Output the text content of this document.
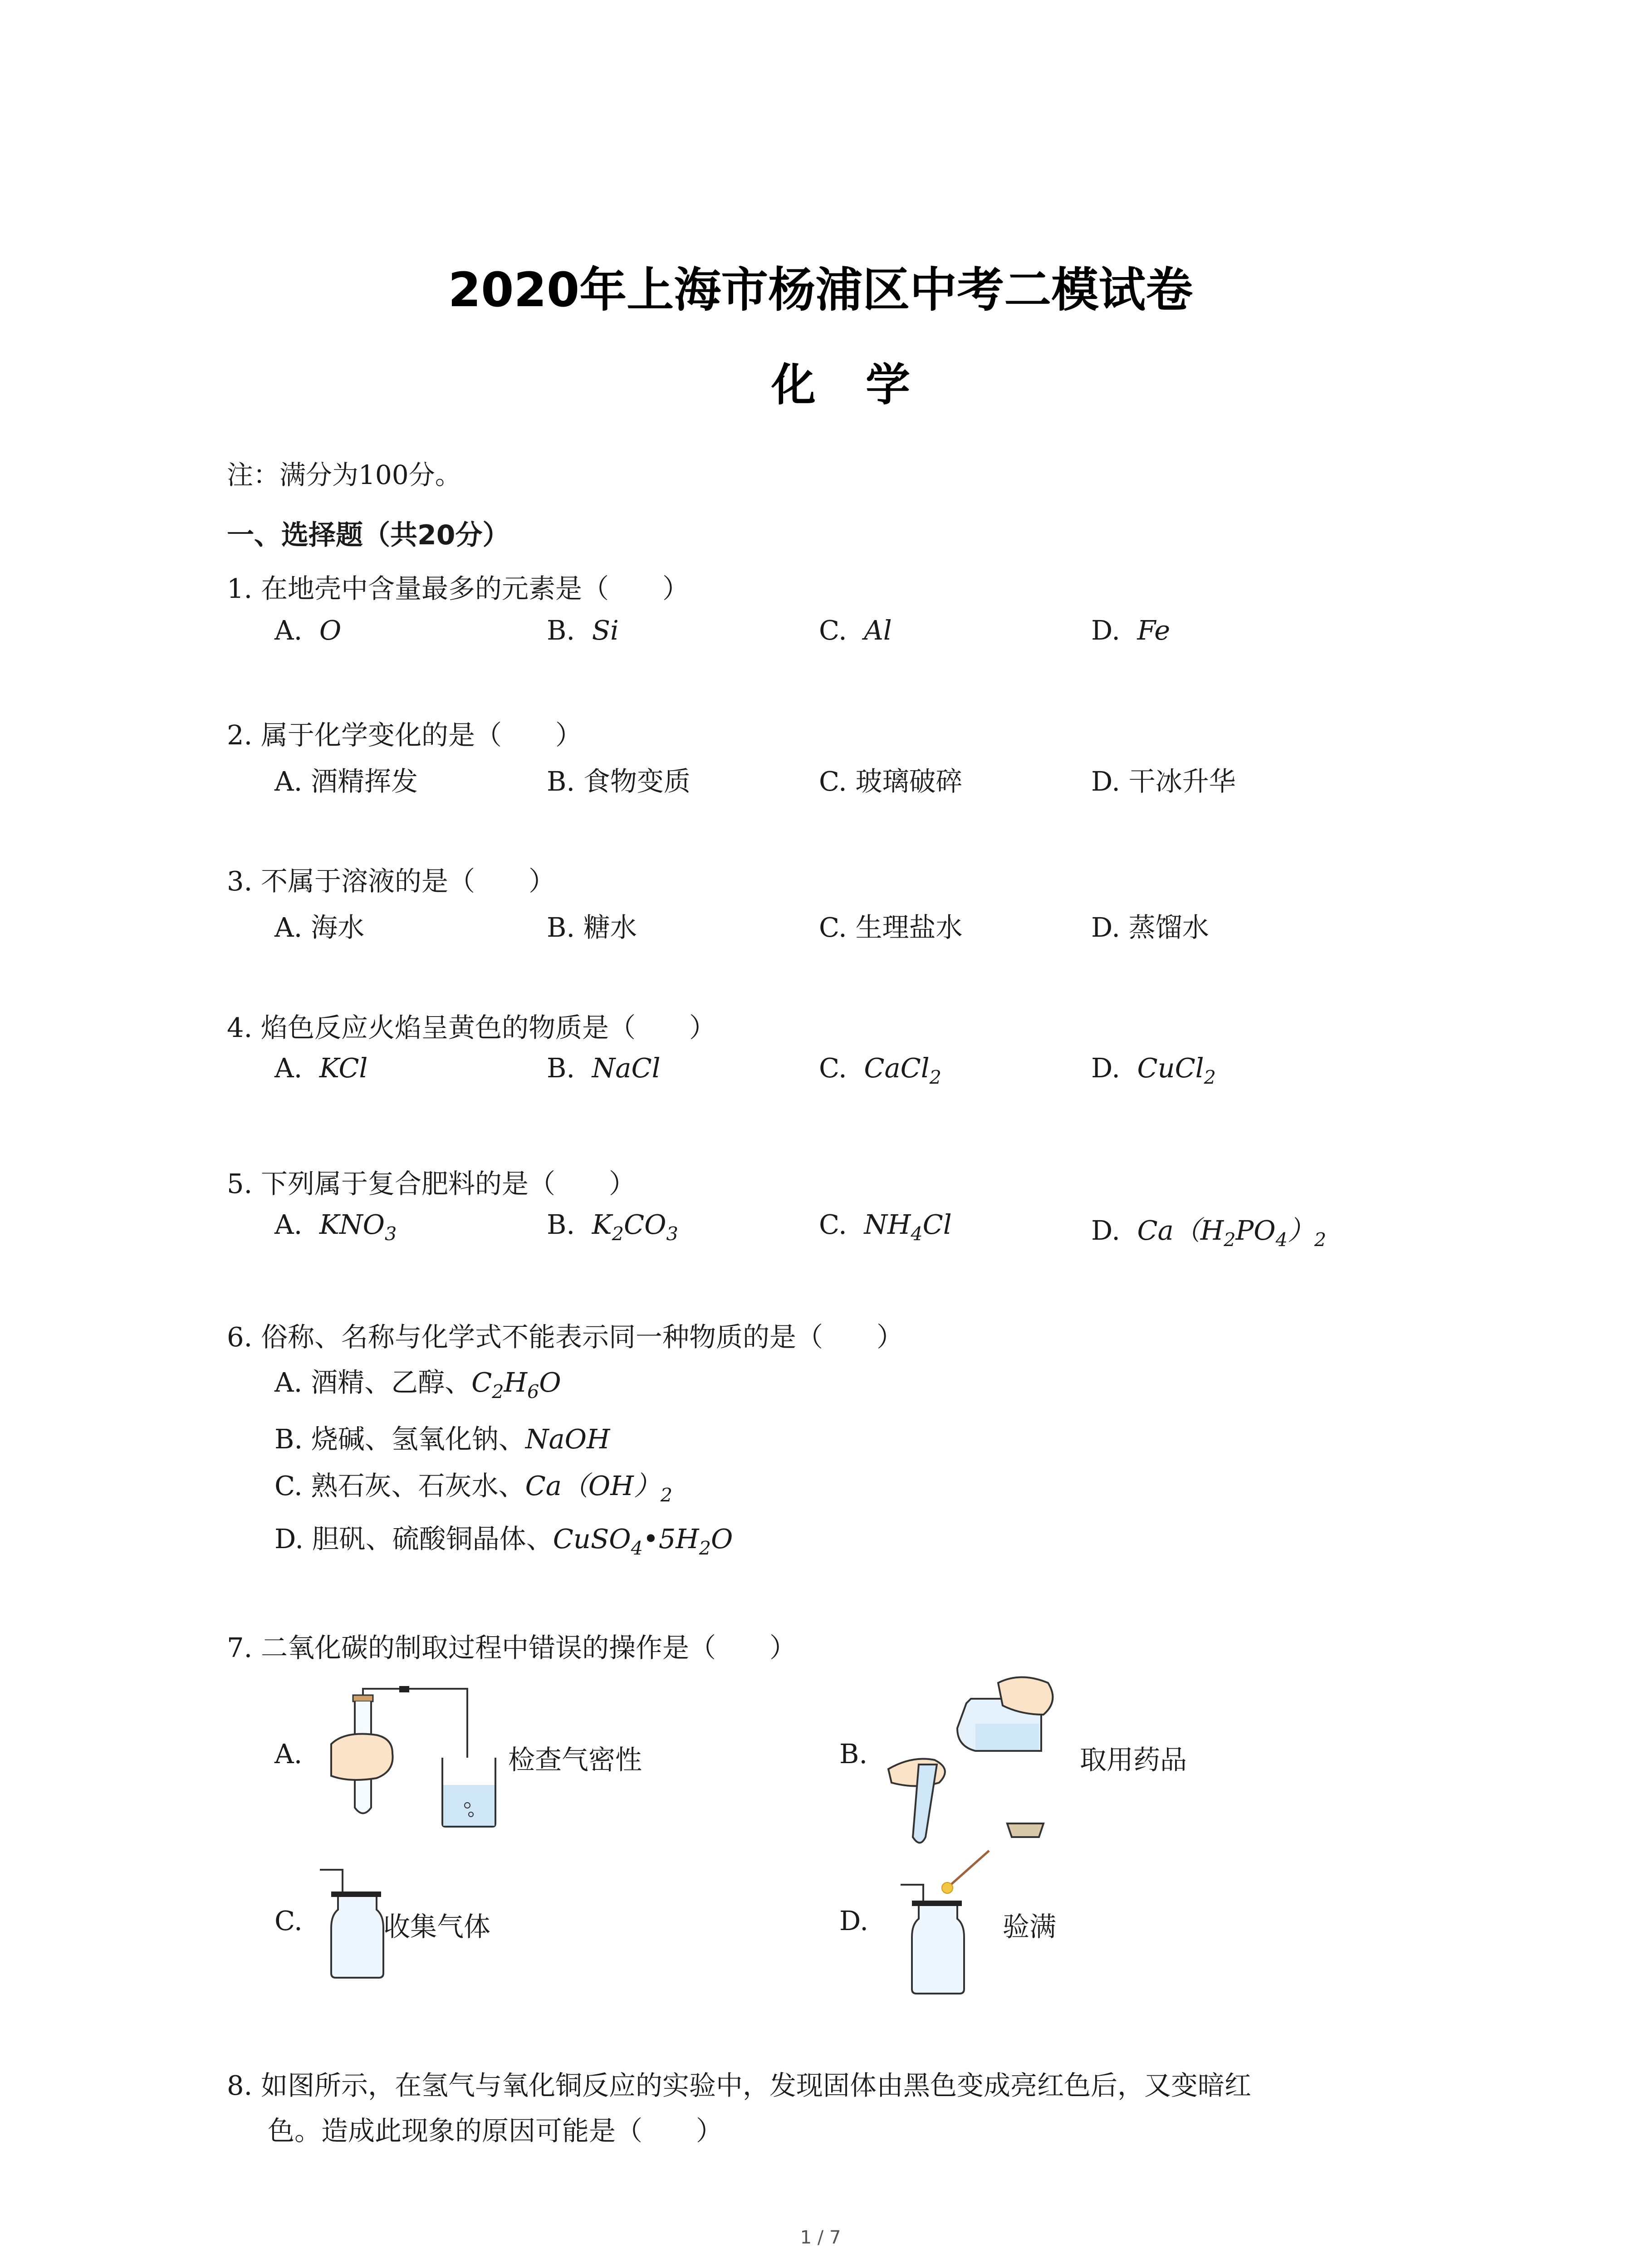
2020年上海市杨浦区中考二模试卷
化学
注：满分为100分。
一、选择题（共20分）
1. 在地壳中含量最多的元素是（　　）
A. O	B. Si	C. Al	D. Fe
2. 属于化学变化的是（　　）
A. 酒精挥发	B. 食物变质	C. 玻璃破碎	D. 干冰升华
3. 不属于溶液的是（　　）
A. 海水	B. 糖水	C. 生理盐水	D. 蒸馏水
4. 焰色反应火焰呈黄色的物质是（　　）
A. KCl	B. NaCl	C. CaCl$_2$	D. CuCl$_2$
5. 下列属于复合肥料的是（　　）
A. $KNO_3$	B. $K_2CO_3$	C. $NH_4Cl$	D. $Ca(H_2PO_4)_2$
6. 俗称、名称与化学式不能表示同一种物质的是（　　）
A. 酒精、乙醇、$C_2H_6O$
B. 烧碱、氢氧化钠、NaOH
C. 熟石灰、石灰水、$Ca(OH)_2$
D. 胆矾、硫酸铜晶体、$CuSO_4•5H_2O$
7. 二氧化碳的制取过程中错误的操作是（　　）
A.	检查气密性	B.	取用药品
C.	收集气体	D.	验满
8. 如图所示，在氢气与氧化铜反应的实验中，发现固体由黑色变成亮红色后，又变暗红
色。造成此现象的原因可能是（　　）
1 / 7
